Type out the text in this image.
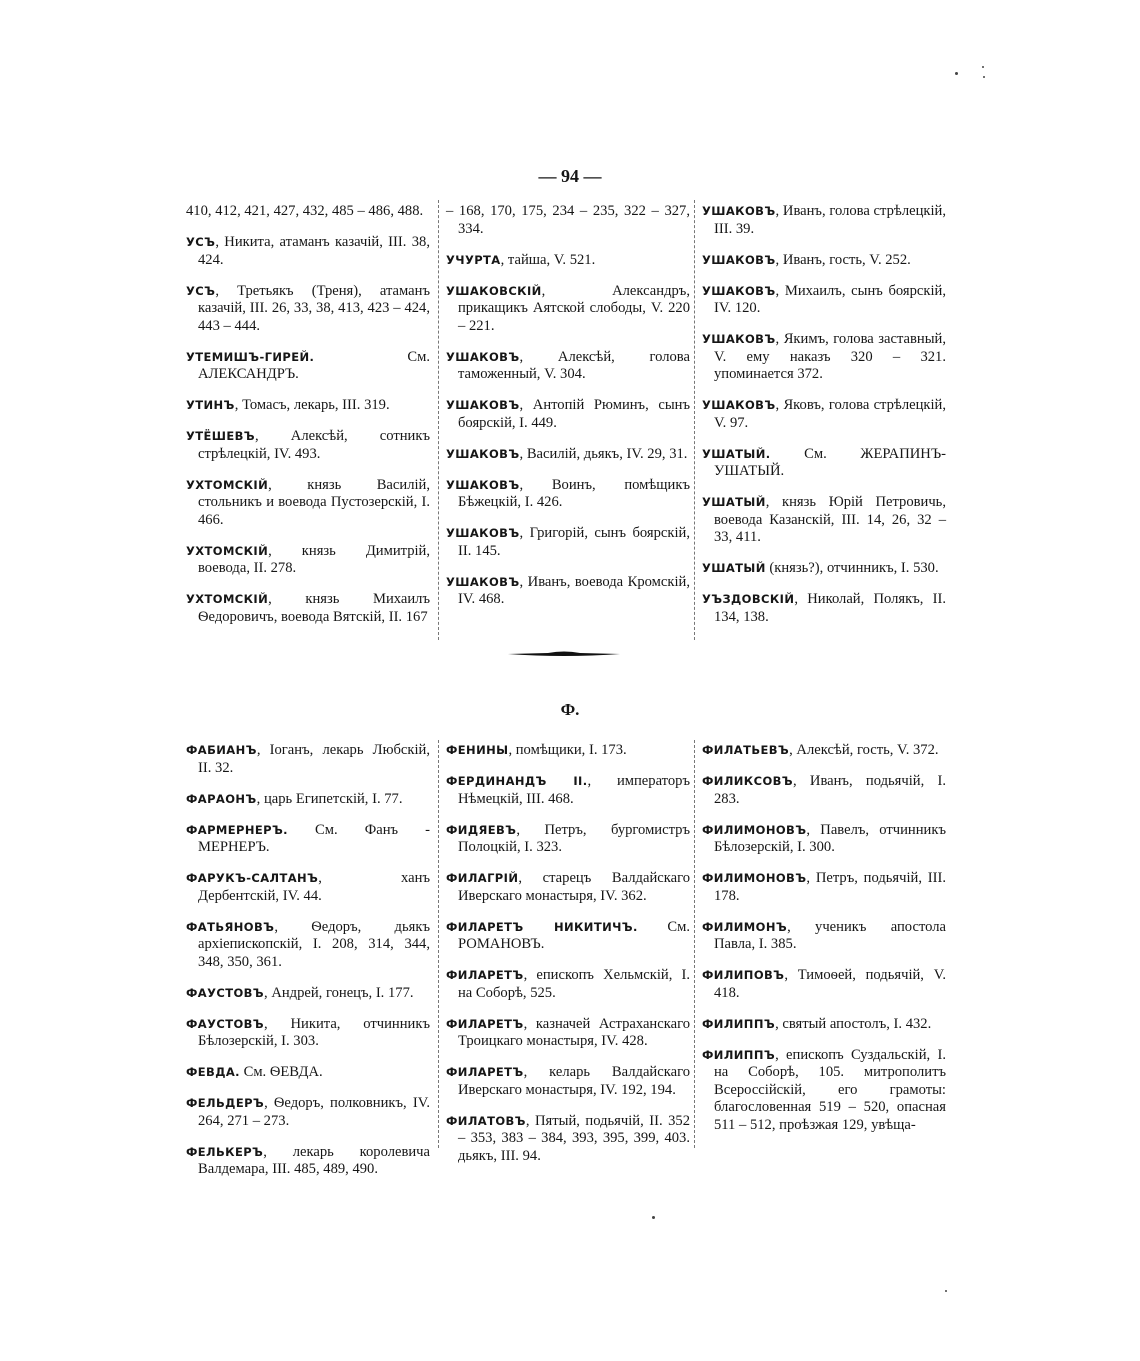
— 94 —

410, 412, 421, 427, 432, 485 – 486, 488.

УСЪ, Никита, атаманъ казачій, III. 38, 424.

УСЪ, Третьякъ (Треня), атаманъ казачій, III. 26, 33, 38, 413, 423 – 424, 443 – 444.

УТЕМИШЪ-ГИРЕЙ. См. АЛЕКСАНДРЪ.

УТИНЪ, Томасъ, лекарь, III. 319.

УТЁШЕВЪ, Алексѣй, сотникъ стрѣлецкій, IV. 493.

УХТОМСКІЙ, князь Василій, стольникъ и воевода Пустозерскій, I. 466.

УХТОМСКІЙ, князь Димитрій, воевода, II. 278.

УХТОМСКІЙ, князь Михаилъ Ѳедоровичъ, воевода Вятскій, II. 167

– 168, 170, 175, 234 – 235, 322 – 327, 334.

УЧУРТА, тайша, V. 521.

УШАКОВСКІЙ, Александръ, прикащикъ Аятской слободы, V. 220 – 221.

УШАКОВЪ, Алексѣй, голова таможенный, V. 304.

УШАКОВЪ, Антопій Рюминъ, сынъ боярскій, I. 449.

УШАКОВЪ, Василій, дьякъ, IV. 29, 31.

УШАКОВЪ, Воинъ, помѣщикъ Бѣжецкій, I. 426.

УШАКОВЪ, Григорій, сынъ боярскій, II. 145.

УШАКОВЪ, Иванъ, воевода Кромскій, IV. 468.

УШАКОВЪ, Иванъ, голова стрѣлецкій, III. 39.

УШАКОВЪ, Иванъ, гость, V. 252.

УШАКОВЪ, Михаилъ, сынъ боярскій, IV. 120.

УШАКОВЪ, Якимъ, голова заставный, V. ему наказъ 320 – 321. упоминается 372.

УШАКОВЪ, Яковъ, голова стрѣлецкій, V. 97.

УШАТЫЙ. См. ЖЕРАПИНЪ-УШАТЫЙ.

УШАТЫЙ, князь Юрій Петровичь, воевода Казанскій, III. 14, 26, 32 – 33, 411.

УШАТЫЙ (князь?), отчинникъ, I. 530.

УЪЗДОВСКІЙ, Николай, Полякъ, II. 134, 138.

Ф.

ФАБИАНЪ, Іоганъ, лекарь Любскій, II. 32.

ФАРАОНЪ, царь Египетскій, I. 77.

ФАРМЕРНЕРЪ. См. Фанъ - МЕРНЕРЪ.

ФАРУКЪ-САЛТАНЪ, ханъ Дербентскій, IV. 44.

ФАТЬЯНОВЪ, Ѳедоръ, дьякъ архіепископскій, I. 208, 314, 344, 348, 350, 361.

ФАУСТОВЪ, Андрей, гонецъ, I. 177.

ФАУСТОВЪ, Никита, отчинникъ Бѣлозерскій, I. 303.

ФЕВДА. См. ѲЕВДА.

ФЕЛЬДЕРЪ, Ѳедоръ, полковникъ, IV. 264, 271 – 273.

ФЕЛЬКЕРЪ, лекарь королевича Валдемара, III. 485, 489, 490.

ФЕНИНЫ, помѣщики, I. 173.

ФЕРДИНАНДЪ II., императоръ Нѣмецкій, III. 468.

ФИДЯЕВЪ, Петръ, бургомистръ Полоцкій, I. 323.

ФИЛАГРІЙ, старецъ Валдайскаго Иверскаго монастыря, IV. 362.

ФИЛАРЕТЪ НИКИТИЧЪ. См. РОМАНОВЪ.

ФИЛАРЕТЪ, епископъ Хельмскій, I. на Соборѣ, 525.

ФИЛАРЕТЪ, казначей Астраханскаго Троицкаго монастыря, IV. 428.

ФИЛАРЕТЪ, келарь Валдайскаго Иверскаго монастыря, IV. 192, 194.

ФИЛАТОВЪ, Пятый, подьячій, II. 352 – 353, 383 – 384, 393, 395, 399, 403. дьякъ, III. 94.

ФИЛАТЬЕВЪ, Алексѣй, гость, V. 372.

ФИЛИКСОВЪ, Иванъ, подьячій, I. 283.

ФИЛИМОНОВЪ, Павелъ, отчинникъ Бѣлозерскій, I. 300.

ФИЛИМОНОВЪ, Петръ, подьячій, III. 178.

ФИЛИМОНЪ, ученикъ апостола Павла, I. 385.

ФИЛИПОВЪ, Тимоѳей, подьячій, V. 418.

ФИЛИППЪ, святый апостолъ, I. 432.

ФИЛИППЪ, епископъ Суздальскій, I. на Соборѣ, 105. митрополитъ Всероссійскій, его грамоты: благословенная 519 – 520, опасная 511 – 512, проѣзжая 129, увѣща-
